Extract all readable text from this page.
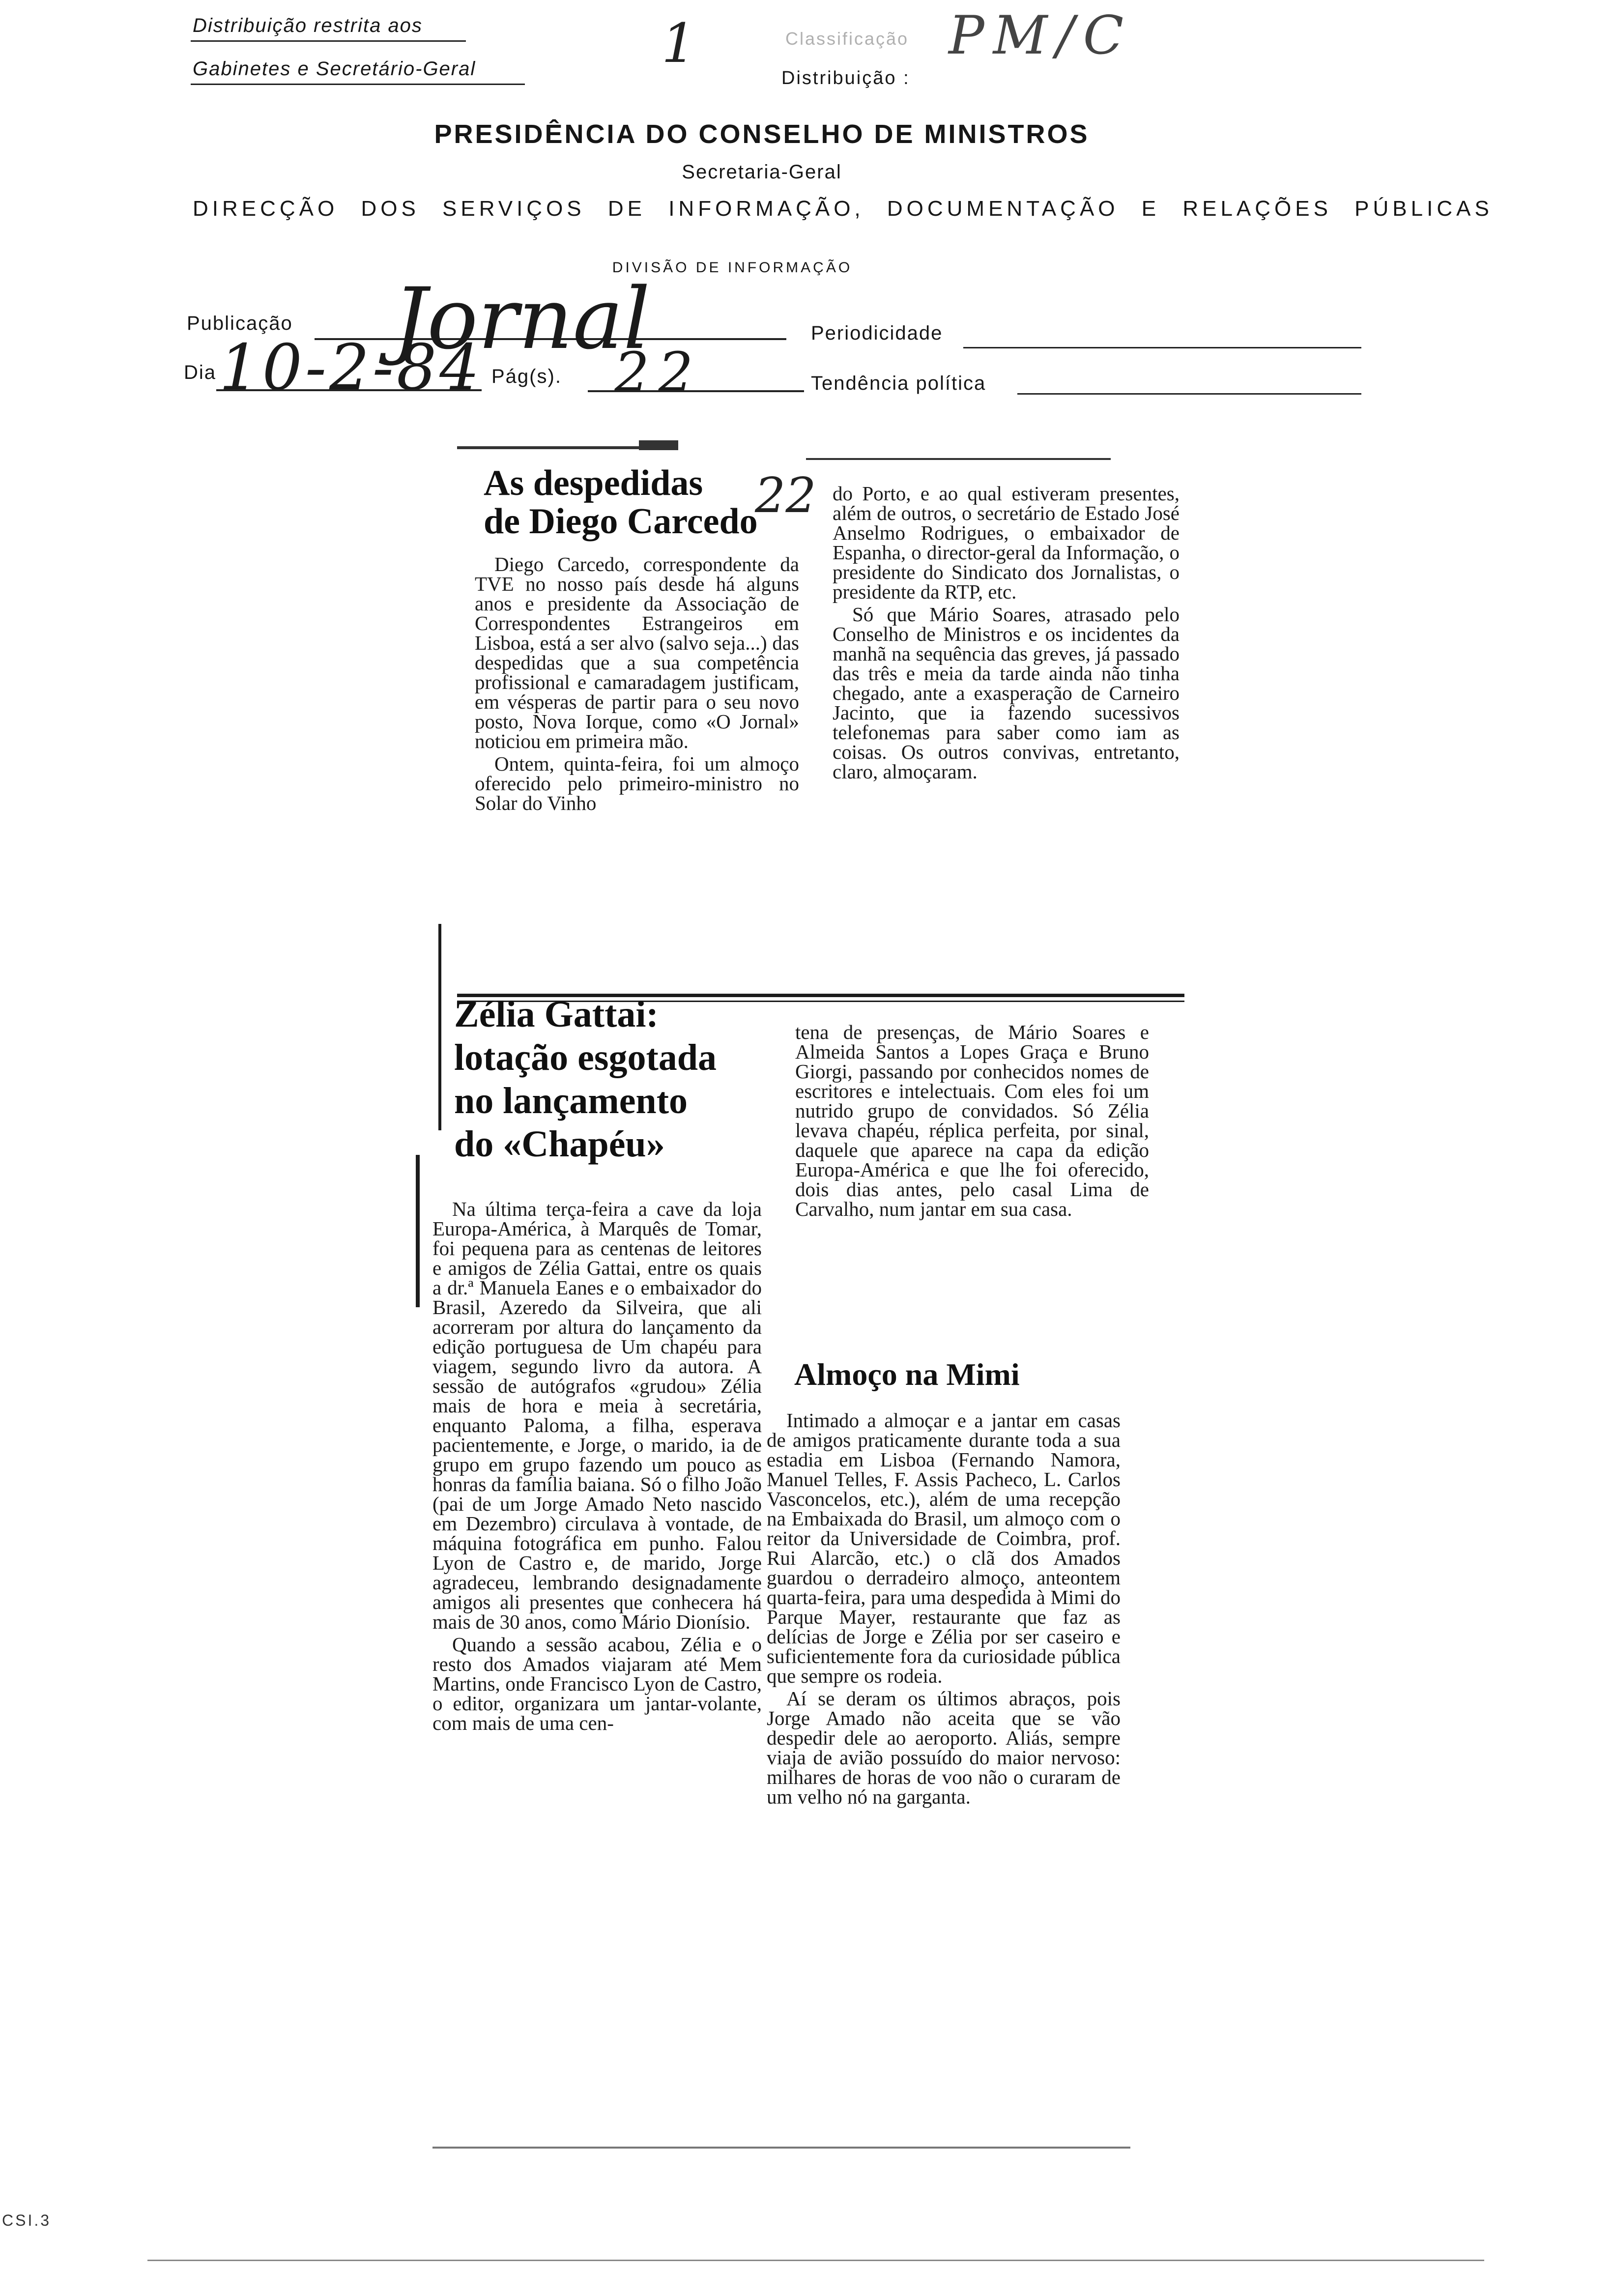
Distribuição restrita aos
Gabinetes e Secretário-Geral	1	Classificação PM/C
Distribuição :
PRESIDÊNCIA DO CONSELHO DE MINISTROS
Secretaria-Geral
DIRECÇÃO DOS SERVIÇOS DE INFORMAÇÃO, DOCUMENTAÇÃO E RELAÇÕES PÚBLICAS
DIVISÃO DE INFORMAÇÃO
Publicação Jornal	Periodicidade
Dia 10-2-84 Pág(s). 22	Tendência política
As despedidas
de Diego Carcedo
22

Diego Carcedo, correspondente da TVE no nosso país desde há alguns anos e presidente da Associação de Correspondentes Estrangeiros em Lisboa, está a ser alvo (salvo seja...) das despedidas que a sua competência profissional e camaradagem justificam, em vésperas de partir para o seu novo posto, Nova Iorque, como «O Jornal» noticiou em primeira mão.

Ontem, quinta-feira, foi um almoço oferecido pelo primeiro-ministro no Solar do Vinho

do Porto, e ao qual estiveram presentes, além de outros, o secretário de Estado José Anselmo Rodrigues, o embaixador de Espanha, o director-geral da Informação, o presidente do Sindicato dos Jornalistas, o presidente da RTP, etc.

Só que Mário Soares, atrasado pelo Conselho de Ministros e os incidentes da manhã na sequência das greves, já passado das três e meia da tarde ainda não tinha chegado, ante a exasperação de Carneiro Jacinto, que ia fazendo sucessivos telefonemas para saber como iam as coisas. Os outros convivas, entretanto, claro, almoçaram.

Zélia Gattai:
lotação esgotada
no lançamento
do «Chapéu»

Na última terça-feira a cave da loja Europa-América, à Marquês de Tomar, foi pequena para as centenas de leitores e amigos de Zélia Gattai, entre os quais a dr.ª Manuela Eanes e o embaixador do Brasil, Azeredo da Silveira, que ali acorreram por altura do lançamento da edição portuguesa de Um chapéu para viagem, segundo livro da autora. A sessão de autógrafos «grudou» Zélia mais de hora e meia à secretária, enquanto Paloma, a filha, esperava pacientemente, e Jorge, o marido, ia de grupo em grupo fazendo um pouco as honras da família baiana. Só o filho João (pai de um Jorge Amado Neto nascido em Dezembro) circulava à vontade, de máquina fotográfica em punho. Falou Lyon de Castro e, de marido, Jorge agradeceu, lembrando designadamente amigos ali presentes que conhecera há mais de 30 anos, como Mário Dionísio.

Quando a sessão acabou, Zélia e o resto dos Amados viajaram até Mem Martins, onde Francisco Lyon de Castro, o editor, organizara um jantar-volante, com mais de uma cen-

tena de presenças, de Mário Soares e Almeida Santos a Lopes Graça e Bruno Giorgi, passando por conhecidos nomes de escritores e intelectuais. Com eles foi um nutrido grupo de convidados. Só Zélia levava chapéu, réplica perfeita, por sinal, daquele que aparece na capa da edição Europa-América e que lhe foi oferecido, dois dias antes, pelo casal Lima de Carvalho, num jantar em sua casa.

Almoço na Mimi

Intimado a almoçar e a jantar em casas de amigos praticamente durante toda a sua estadia em Lisboa (Fernando Namora, Manuel Telles, F. Assis Pacheco, L. Carlos Vasconcelos, etc.), além de uma recepção na Embaixada do Brasil, um almoço com o reitor da Universidade de Coimbra, prof. Rui Alarcão, etc.) o clã dos Amados guardou o derradeiro almoço, anteontem quarta-feira, para uma despedida à Mimi do Parque Mayer, restaurante que faz as delícias de Jorge e Zélia por ser caseiro e suficientemente fora da curiosidade pública que sempre os rodeia.

Aí se deram os últimos abraços, pois Jorge Amado não aceita que se vão despedir dele ao aeroporto. Aliás, sempre viaja de avião possuído do maior nervoso: milhares de horas de voo não o curaram de um velho nó na garganta.

CSI.3
